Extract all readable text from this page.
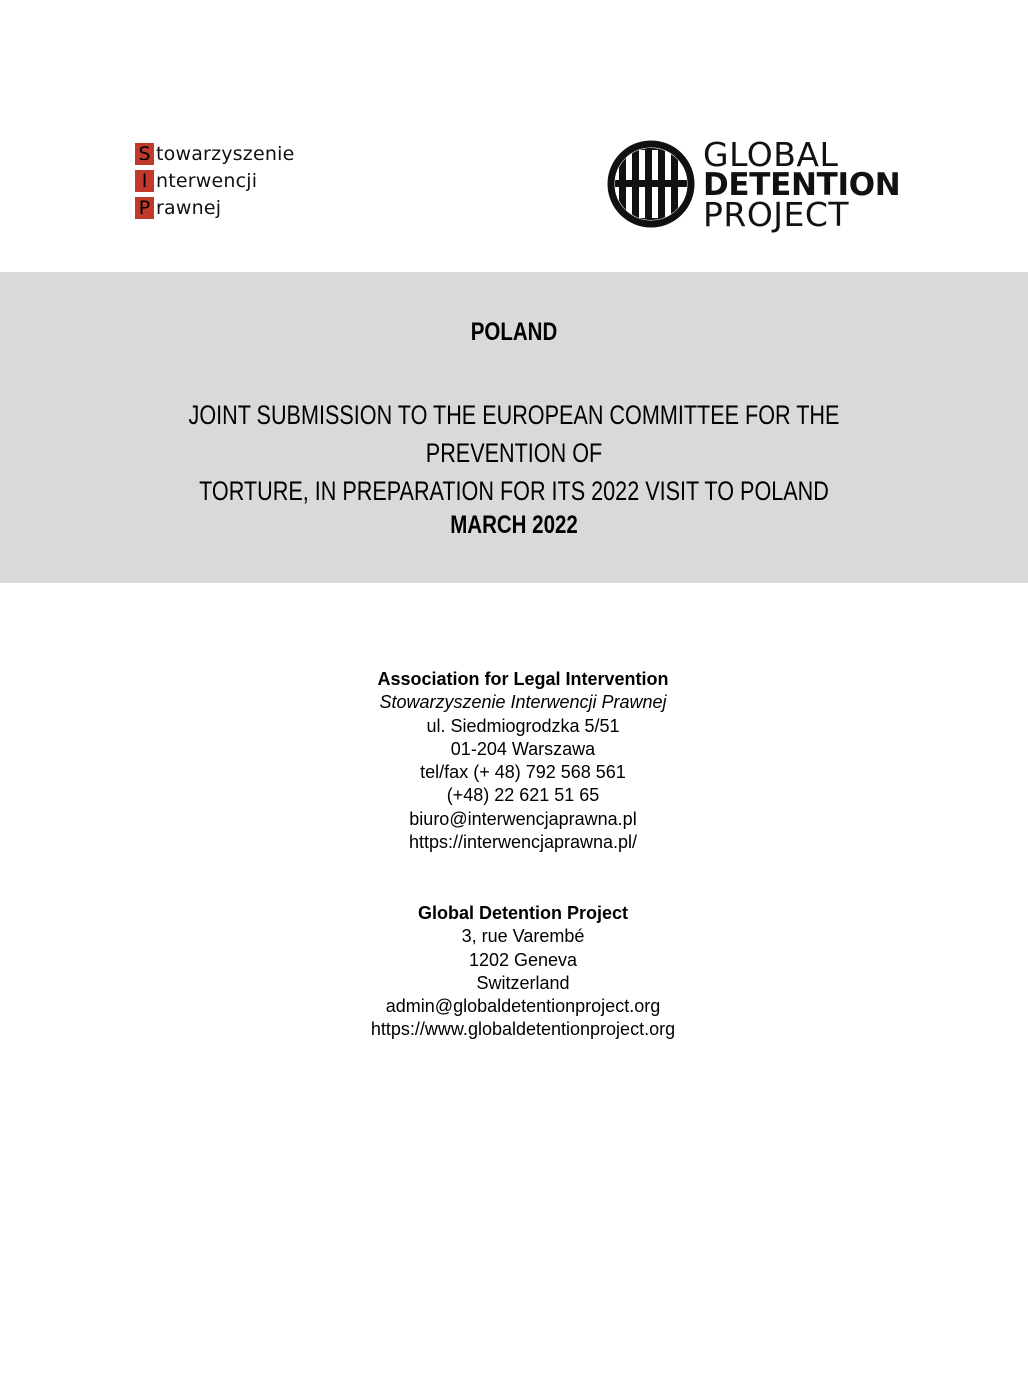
S towarzyszenie
I nterwencji
P rawnej
GLOBAL
DETENTION
PROJECT
POLAND
JOINT SUBMISSION TO THE EUROPEAN COMMITTEE FOR THE PREVENTION OF
TORTURE, IN PREPARATION FOR ITS 2022 VISIT TO POLAND
MARCH 2022
Association for Legal Intervention
Stowarzyszenie Interwencji Prawnej
ul. Siedmiogrodzka 5/51
01-204 Warszawa
tel/fax (+ 48) 792 568 561
(+48) 22 621 51 65
biuro@interwencjaprawna.pl
https://interwencjaprawna.pl/
Global Detention Project
3, rue Varembé
1202 Geneva
Switzerland
admin@globaldetentionproject.org
https://www.globaldetentionproject.org
